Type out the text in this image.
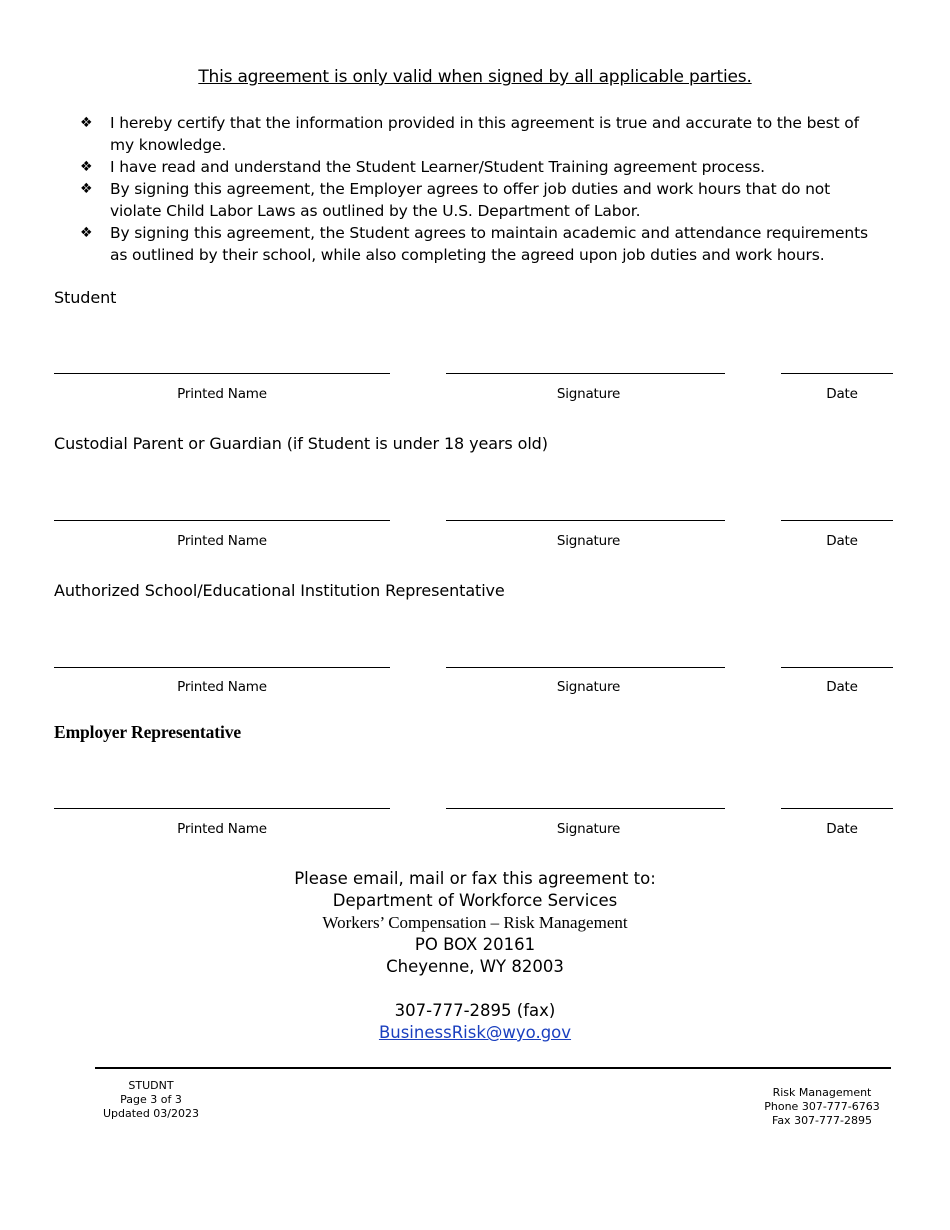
This agreement is only valid when signed by all applicable parties.
❖ I hereby certify that the information provided in this agreement is true and accurate to the best of my knowledge.
❖ I have read and understand the Student Learner/Student Training agreement process.
❖ By signing this agreement, the Employer agrees to offer job duties and work hours that do not violate Child Labor Laws as outlined by the U.S. Department of Labor.
❖ By signing this agreement, the Student agrees to maintain academic and attendance requirements as outlined by their school, while also completing the agreed upon job duties and work hours.
Student
Printed Name	Signature	Date
Custodial Parent or Guardian (if Student is under 18 years old)
Printed Name	Signature	Date
Authorized School/Educational Institution Representative
Printed Name	Signature	Date
Employer Representative
Printed Name	Signature	Date
Please email, mail or fax this agreement to:
Department of Workforce Services
Workers’ Compensation – Risk Management
PO BOX 20161
Cheyenne, WY 82003
307-777-2895 (fax)
BusinessRisk@wyo.gov
STUDNT
Page 3 of 3
Updated 03/2023
Risk Management
Phone 307-777-6763
Fax 307-777-2895
